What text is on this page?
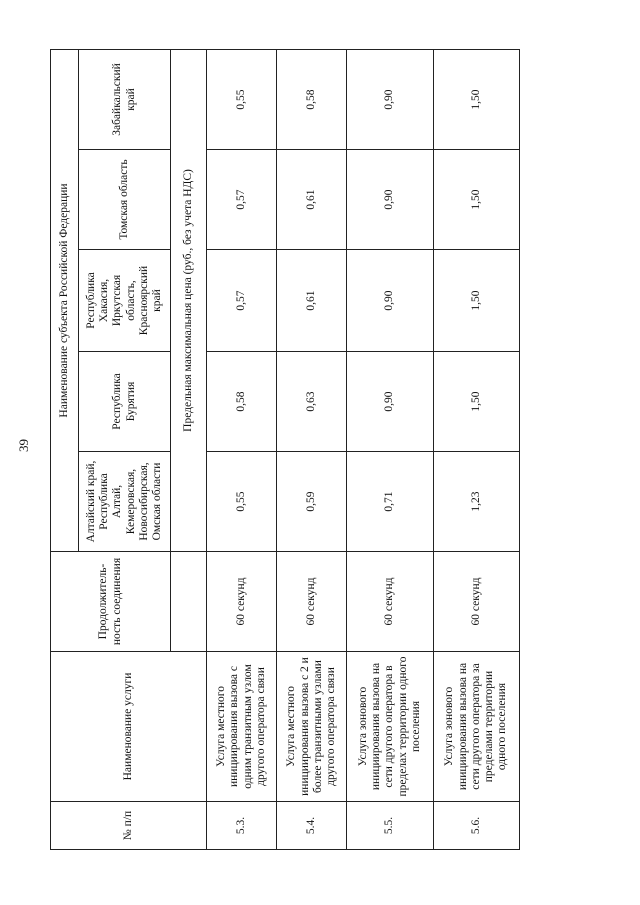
39
№ п/п	Наименование услуги	Продолжитель-ность соединения	Наименование субъекта Российской Федерации				
			Алтайский край, Республика Алтай, Кемеровская, Новосибирская, Омская области	Республика Бурятия	Республика Хакасия, Иркутская область, Красноярский край	Томская область	Забайкальский край
			Предельная максимальная цена (руб., без учета НДС)				
5.3.	Услуга местного инициирования вызова с одним транзитным узлом другого оператора связи	60 секунд	0,55	0,58	0,57	0,57	0,55
5.4.	Услуга местного инициирования вызова с 2 и более транзитными узлами другого оператора связи	60 секунд	0,59	0,63	0,61	0,61	0,58
5.5.	Услуга зонового инициирования вызова на сети другого оператора в пределах территории одного поселения	60 секунд	0,71	0,90	0,90	0,90	0,90
5.6.	Услуга зонового инициирования вызова на сети другого оператора за пределами территории одного поселения	60 секунд	1,23	1,50	1,50	1,50	1,50
